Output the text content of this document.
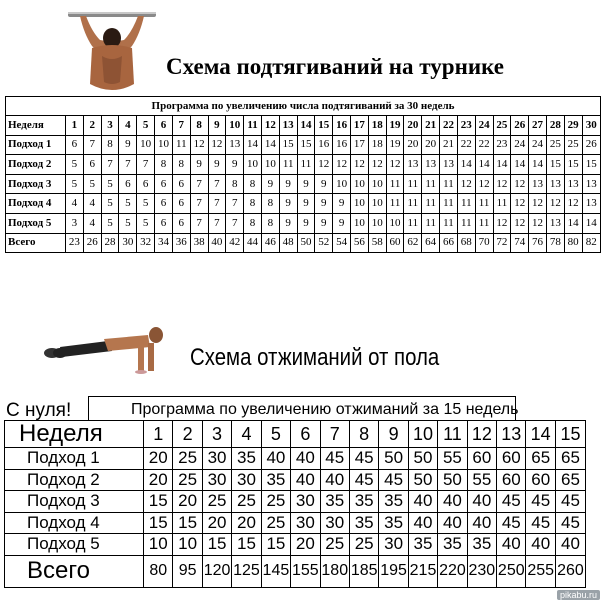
Схема подтягиваний на турнике
Программа по увеличению числа подтягиваний за 30 недель
Неделя	1	2	3	4	5	6	7	8	9	10	11	12	13	14	15	16	17	18	19	20	21	22	23	24	25	26	27	28	29	30
Подход 1	6	7	8	9	10	10	11	12	12	13	14	14	15	15	16	16	17	18	19	20	20	21	22	22	23	24	24	25	25	26
Подход 2	5	6	7	7	7	8	8	9	9	9	10	10	11	11	12	12	12	12	12	13	13	13	14	14	14	14	14	15	15	15
Подход 3	5	5	5	6	6	6	6	7	7	8	8	9	9	9	9	10	10	10	11	11	11	11	12	12	12	12	13	13	13	13
Подход 4	4	4	5	5	5	6	6	7	7	7	8	8	9	9	9	9	10	10	11	11	11	11	11	11	11	12	12	12	12	13
Подход 5	3	4	5	5	5	6	6	7	7	7	8	8	9	9	9	9	10	10	10	11	11	11	11	11	12	12	12	13	14	14
Всего	23	26	28	30	32	34	36	38	40	42	44	46	48	50	52	54	56	58	60	62	64	66	68	70	72	74	76	78	80	82
Схема отжиманий от пола
С нуля!	Программа по увеличению отжиманий за 15 недель
Неделя	1	2	3	4	5	6	7	8	9	10	11	12	13	14	15
Подход 1	20	25	30	35	40	40	45	45	50	50	55	60	60	65	65
Подход 2	20	25	30	30	35	40	40	45	45	50	50	55	60	60	65
Подход 3	15	20	25	25	25	30	35	35	35	40	40	40	45	45	45
Подход 4	15	15	20	20	25	30	30	35	35	40	40	40	45	45	45
Подход 5	10	10	15	15	15	20	25	25	30	35	35	35	40	40	40
Всего	80	95	120	125	145	155	180	185	195	215	220	230	250	255	260
pikabu.ru
